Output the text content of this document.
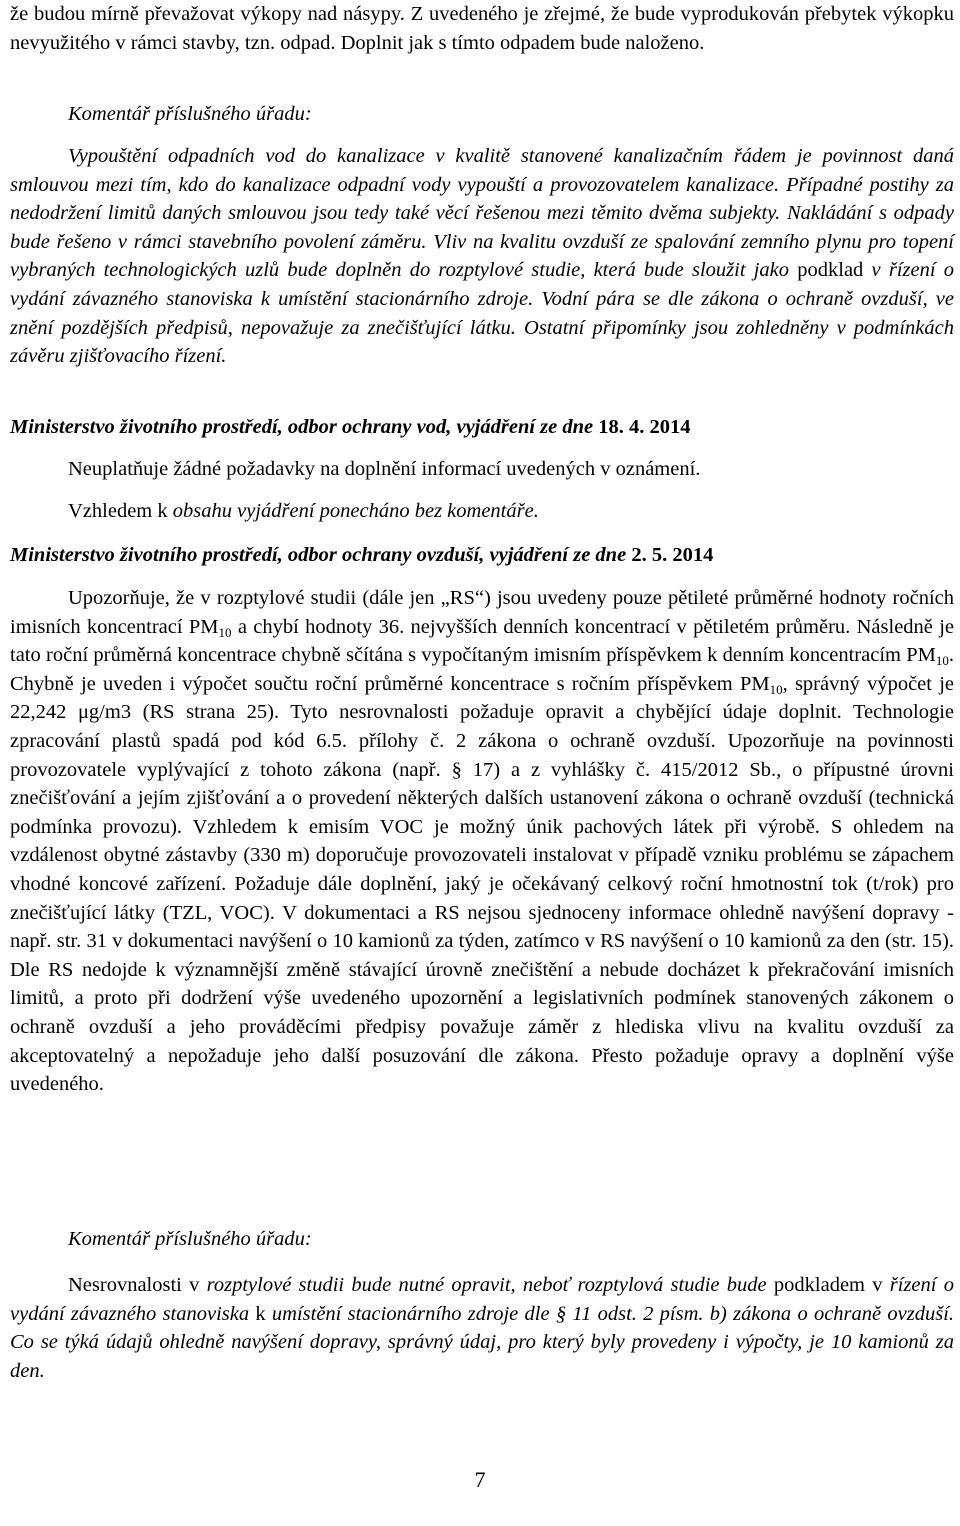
že budou mírně převažovat výkopy nad násypy. Z uvedeného je zřejmé, že bude vyprodukován přebytek výkopku nevyužitého v rámci stavby, tzn. odpad. Doplnit jak s tímto odpadem bude naloženo.

Komentář příslušného úřadu:

Vypouštění odpadních vod do kanalizace v kvalitě stanovené kanalizačním řádem je povinnost daná smlouvou mezi tím, kdo do kanalizace odpadní vody vypouští a provozovatelem kanalizace. Případné postihy za nedodržení limitů daných smlouvou jsou tedy také věcí řešenou mezi těmito dvěma subjekty. Nakládání s odpady bude řešeno v rámci stavebního povolení záměru. Vliv na kvalitu ovzduší ze spalování zemního plynu pro topení vybraných technologických uzlů bude doplněn do rozptylové studie, která bude sloužit jako podklad v řízení o vydání závazného stanoviska k umístění stacionárního zdroje. Vodní pára se dle zákona o ochraně ovzduší, ve znění pozdějších předpisů, nepovažuje za znečišťující látku. Ostatní připomínky jsou zohledněny v podmínkách závěru zjišťovacího řízení.

Ministerstvo životního prostředí, odbor ochrany vod, vyjádření ze dne 18. 4. 2014

Neuplatňuje žádné požadavky na doplnění informací uvedených v oznámení.

Vzhledem k obsahu vyjádření ponecháno bez komentáře.

Ministerstvo životního prostředí, odbor ochrany ovzduší, vyjádření ze dne 2. 5. 2014

Upozorňuje, že v rozptylové studii (dále jen „RS“) jsou uvedeny pouze pětileté průměrné hodnoty ročních imisních koncentrací $PM_{10}$ a chybí hodnoty 36. nejvyšších denních koncentrací v pětiletém průměru. Následně je tato roční průměrná koncentrace chybně sčítána s vypočítaným imisním příspěvkem k denním koncentracím $PM_{10}$. Chybně je uveden i výpočet součtu roční průměrné koncentrace s ročním příspěvkem $PM_{10}$, správný výpočet je 22,242 μg/m3 (RS strana 25). Tyto nesrovnalosti požaduje opravit a chybějící údaje doplnit. Technologie zpracování plastů spadá pod kód 6.5. přílohy č. 2 zákona o ochraně ovzduší. Upozorňuje na povinnosti provozovatele vyplývající z tohoto zákona (např. § 17) a z vyhlášky č. 415/2012 Sb., o přípustné úrovni znečišťování a jejím zjišťování a o provedení některých dalších ustanovení zákona o ochraně ovzduší (technická podmínka provozu). Vzhledem k emisím VOC je možný únik pachových látek při výrobě. S ohledem na vzdálenost obytné zástavby (330 m) doporučuje provozovateli instalovat v případě vzniku problému se zápachem vhodné koncové zařízení. Požaduje dále doplnění, jaký je očekávaný celkový roční hmotnostní tok (t/rok) pro znečišťující látky (TZL, VOC). V dokumentaci a RS nejsou sjednoceny informace ohledně navýšení dopravy - např. str. 31 v dokumentaci navýšení o 10 kamionů za týden, zatímco v RS navýšení o 10 kamionů za den (str. 15). Dle RS nedojde k významnější změně stávající úrovně znečištění a nebude docházet k překračování imisních limitů, a proto při dodržení výše uvedeného upozornění a legislativních podmínek stanovených zákonem o ochraně ovzduší a jeho prováděcími předpisy považuje záměr z hlediska vlivu na kvalitu ovzduší za akceptovatelný a nepožaduje jeho další posuzování dle zákona. Přesto požaduje opravy a doplnění výše uvedeného.

Komentář příslušného úřadu:

Nesrovnalosti v rozptylové studii bude nutné opravit, neboť rozptylová studie bude podkladem v řízení o vydání závazného stanoviska k umístění stacionárního zdroje dle § 11 odst. 2 písm. b) zákona o ochraně ovzduší. Co se týká údajů ohledně navýšení dopravy, správný údaj, pro který byly provedeny i výpočty, je 10 kamionů za den.

7
